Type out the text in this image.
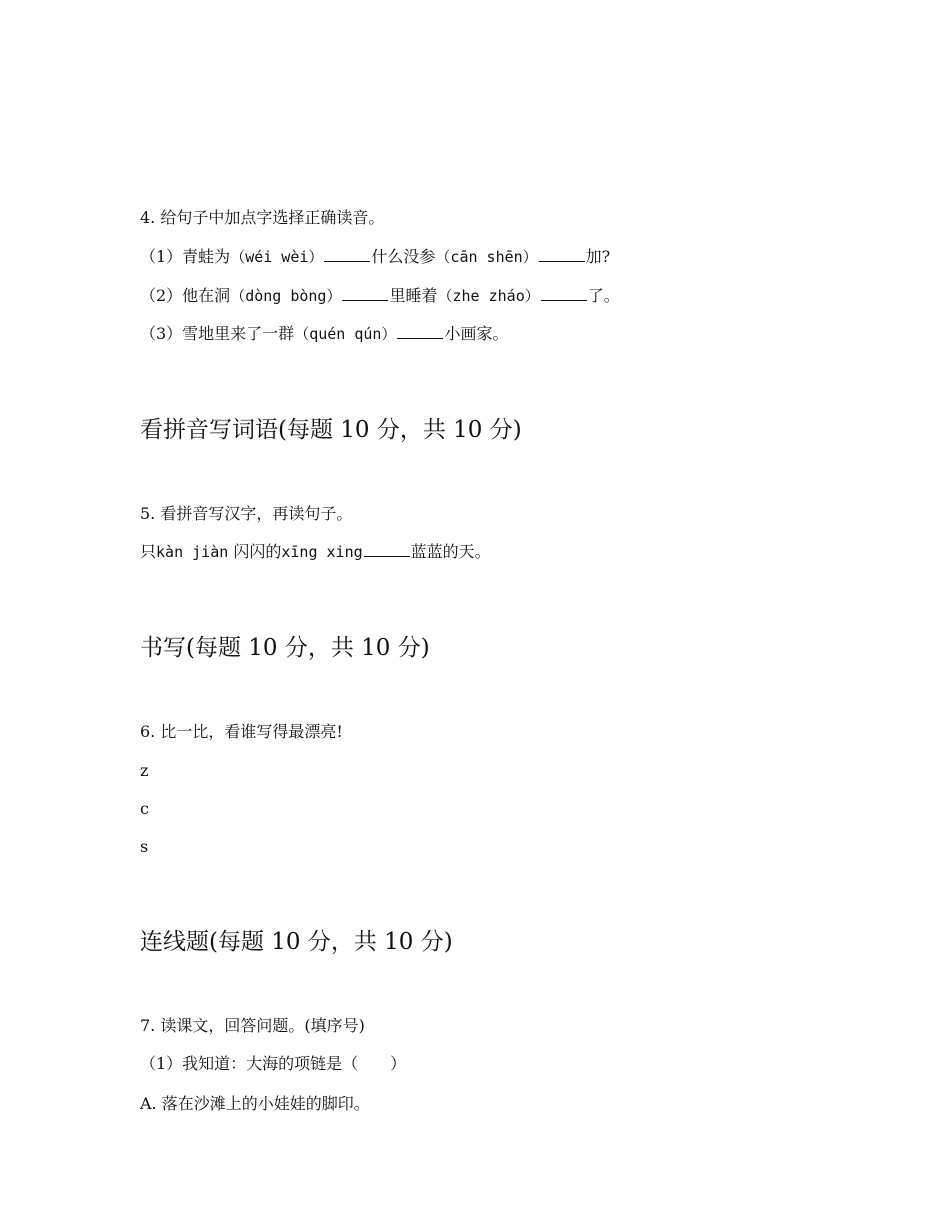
4. 给句子中加点字选择正确读音。
（1）青蛙为（wéi wèi）	什么没参（cān shēn）	加?
（2）他在洞（dòng bòng）	里睡着（zhe zháo）	了。
（3）雪地里来了一群（quén qún）	小画家。
看拼音写词语(每题 10 分，共 10 分)
5. 看拼音写汉字，再读句子。
只kàn jiàn 闪闪的xīng xing	蓝蓝的天。
书写(每题 10 分，共 10 分)
6. 比一比，看谁写得最漂亮!
z
c
s
连线题(每题 10 分，共 10 分)
7. 读课文，回答问题。(填序号)
（1）我知道：大海的项链是（　　）
A. 落在沙滩上的小娃娃的脚印。
